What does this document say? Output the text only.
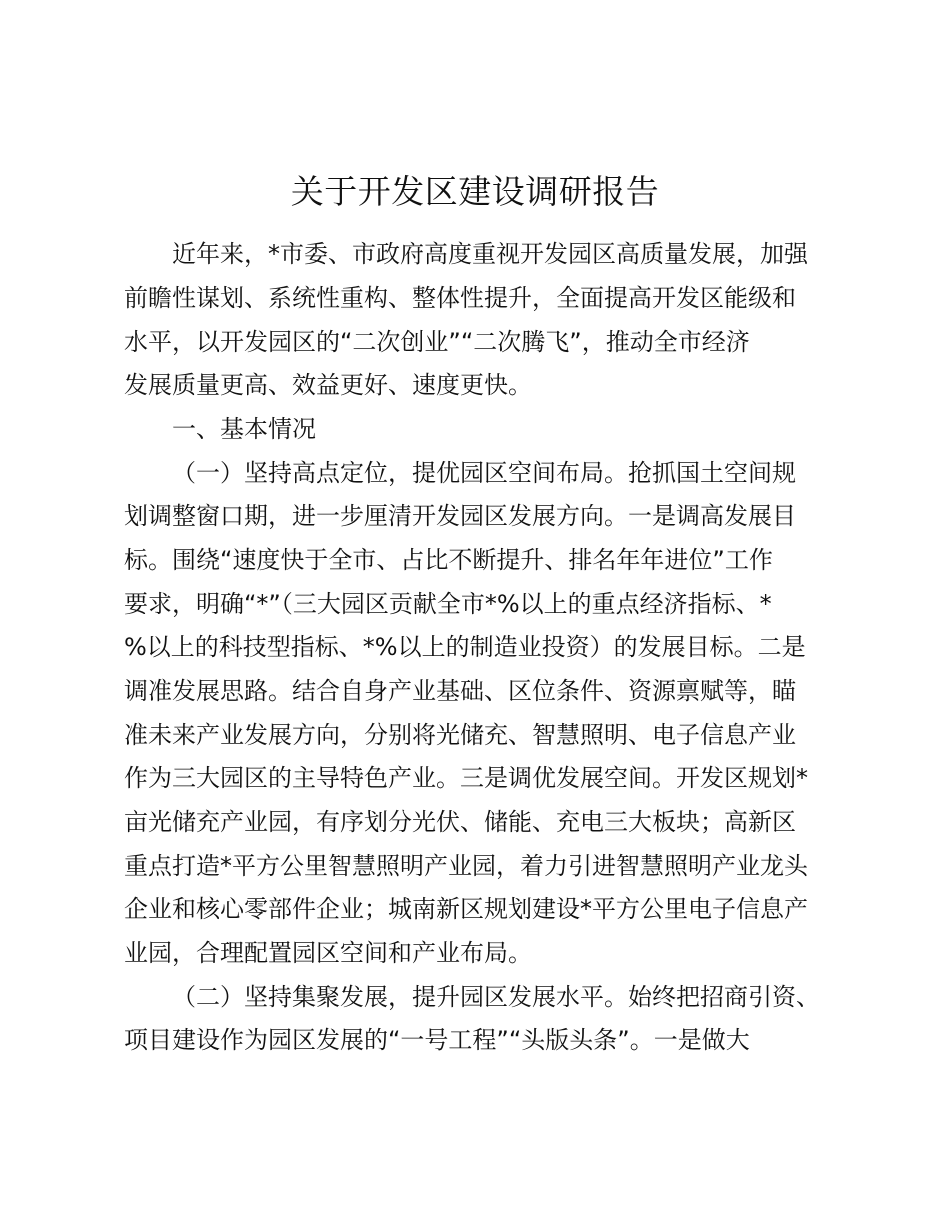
关于开发区建设调研报告

近年来，*市委、市政府高度重视开发园区高质量发展，加强

前瞻性谋划、系统性重构、整体性提升，全面提高开发区能级和

水平，以开发园区的“二次创业”“二次腾飞”，推动全市经济

发展质量更高、效益更好、速度更快。

一、基本情况

（一）坚持高点定位，提优园区空间布局。抢抓国土空间规

划调整窗口期，进一步厘清开发园区发展方向。一是调高发展目

标。围绕“速度快于全市、占比不断提升、排名年年进位”工作

要求，明确“*”（三大园区贡献全市*%以上的重点经济指标、*

%以上的科技型指标、*%以上的制造业投资）的发展目标。二是

调准发展思路。结合自身产业基础、区位条件、资源禀赋等，瞄

准未来产业发展方向，分别将光储充、智慧照明、电子信息产业

作为三大园区的主导特色产业。三是调优发展空间。开发区规划*

亩光储充产业园，有序划分光伏、储能、充电三大板块；高新区

重点打造*平方公里智慧照明产业园，着力引进智慧照明产业龙头

企业和核心零部件企业；城南新区规划建设*平方公里电子信息产

业园，合理配置园区空间和产业布局。

（二）坚持集聚发展，提升园区发展水平。始终把招商引资、

项目建设作为园区发展的“一号工程”“头版头条”。一是做大
